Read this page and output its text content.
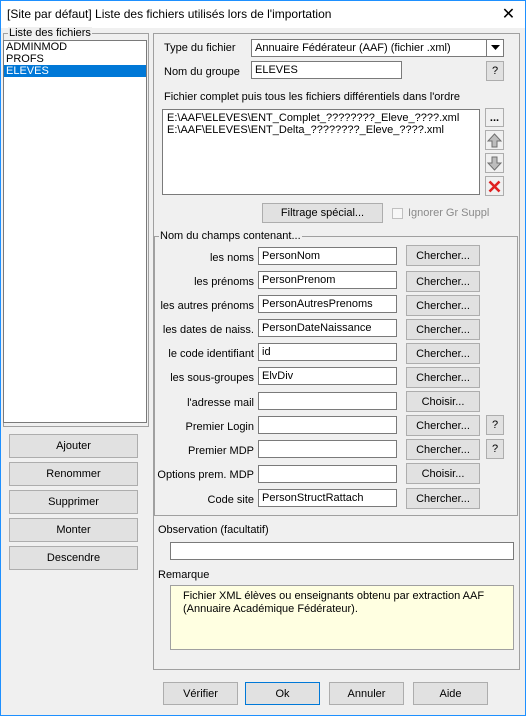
[Site par défaut] Liste des fichiers utilisés lors de l'importation	✕
Liste des fichiers
ADMINMOD
PROFS
ELEVES
Ajouter
Renommer
Supprimer
Monter
Descendre
Type du fichier Annuaire Fédérateur (AAF) (fichier .xml)
Nom du groupe	ELEVES	?
Fichier complet puis tous les fichiers différentiels dans l'ordre
E:\AAF\ELEVES\ENT_Complet_????????_Eleve_????.xml
E:\AAF\ELEVES\ENT_Delta_????????_Eleve_????.xml
...
Filtrage spécial...	Ignorer Gr Suppl
Nom du champs contenant...
les noms PersonNom	Chercher...
les prénoms PersonPrenom	Chercher...
les autres prénoms PersonAutresPrenoms	Chercher...
les dates de naiss. PersonDateNaissance	Chercher...
le code identifiant id	Chercher...
les sous-groupes ElvDiv	Chercher...
l'adresse mail	Choisir...
Premier Login	Chercher...	?
Premier MDP	Chercher...	?
Options prem. MDP	Choisir...
Code site PersonStructRattach	Chercher...
Observation (facultatif)
Remarque
Fichier XML élèves ou enseignants obtenu par extraction AAF (Annuaire Académique Fédérateur).
Vérifier	Ok	Annuler	Aide
